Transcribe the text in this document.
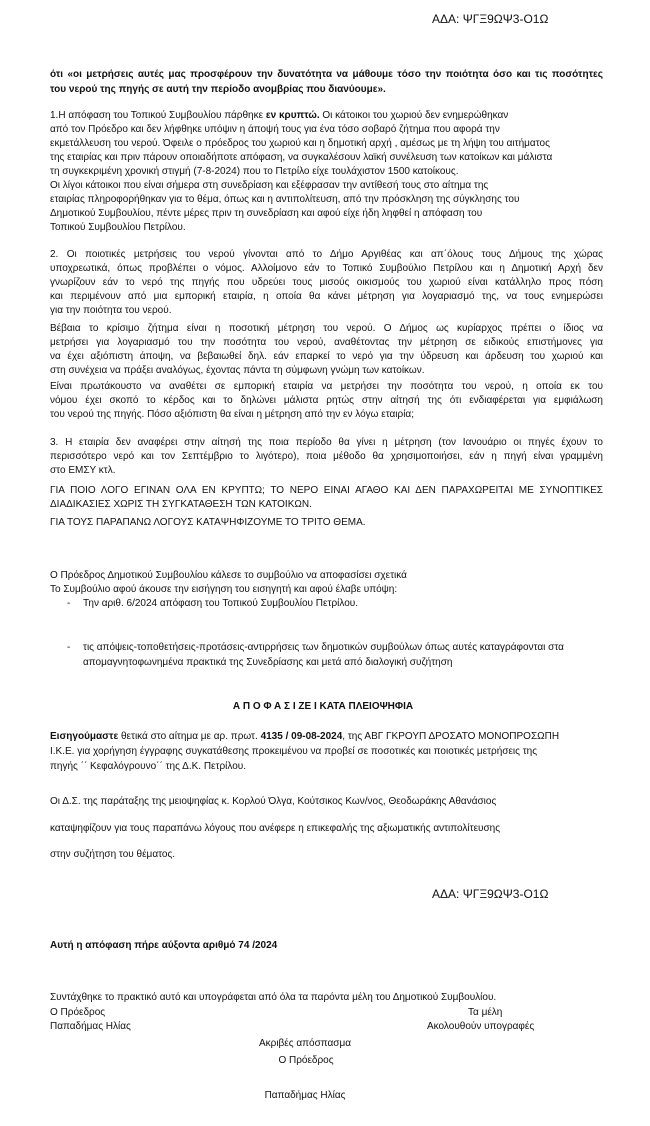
ΑΔΑ: ΨΓΞ9ΩΨ3-Ο1Ω
ότι «οι μετρήσεις αυτές μας προσφέρουν την δυνατότητα να μάθουμε τόσο την ποιότητα όσο και τις ποσότητες
του νερού της πηγής σε αυτή την περίοδο ανομβρίας που διανύουμε».
1.Η απόφαση του Τοπικού Συμβουλίου πάρθηκε εν κρυπτώ. Οι κάτοικοι του χωριού δεν ενημερώθηκαν
από τον Πρόεδρο και δεν λήφθηκε υπόψιν η άποψή τους για ένα τόσο σοβαρό ζήτημα που αφορά την
εκμετάλλευση του νερού. Όφειλε ο πρόεδρος του χωριού και η δημοτική αρχή , αμέσως με τη λήψη του αιτήματος
της εταιρίας και πριν πάρουν οποιαδήποτε απόφαση, να συγκαλέσουν λαϊκή συνέλευση των κατοίκων και μάλιστα
τη συγκεκριμένη χρονική στιγμή (7-8-2024) που το Πετρίλο είχε τουλάχιστον 1500 κατοίκους.
Οι λίγοι κάτοικοι που είναι σήμερα στη συνεδρίαση και εξέφρασαν την αντίθεσή τους στο αίτημα της
εταιρίας πληροφορήθηκαν για το θέμα, όπως και η αντιπολίτευση, από την πρόσκληση της σύγκλησης του
Δημοτικού Συμβουλίου, πέντε μέρες πριν τη συνεδρίαση και αφού είχε ήδη ληφθεί η απόφαση του
Τοπικού Συμβουλίου Πετρίλου.
2. Οι ποιοτικές μετρήσεις του νερού γίνονται από το Δήμο Αργιθέας και απ΄όλους τους Δήμους της χώρας
υποχρεωτικά, όπως προβλέπει ο νόμος. Αλλοίμονο εάν το Τοπικό Συμβούλιο Πετρίλου και η Δημοτική Αρχή δεν
γνωρίζουν εάν το νερό της πηγής που υδρεύει τους μισούς οικισμούς του χωριού είναι κατάλληλο προς πόση
και περιμένουν από μια εμπορική εταιρία, η οποία θα κάνει μέτρηση για λογαριασμό της, να τους ενημερώσει
για την ποιότητα του νερού.
Βέβαια το κρίσιμο ζήτημα είναι η ποσοτική μέτρηση του νερού. Ο Δήμος ως κυρίαρχος πρέπει ο ίδιος να
μετρήσει για λογαριασμό του την ποσότητα του νερού, αναθέτοντας την μέτρηση σε ειδικούς επιστήμονες για
να έχει αξιόπιστη άποψη, να βεβαιωθεί δηλ. εάν επαρκεί το νερό για την ύδρευση και άρδευση του χωριού και
στη συνέχεια να πράξει αναλόγως, έχοντας πάντα τη σύμφωνη γνώμη των κατοίκων.
Είναι πρωτάκουστο να αναθέτει σε εμπορική εταιρία να μετρήσει την ποσότητα του νερού, η οποία εκ του
νόμου έχει σκοπό το κέρδος και το δηλώνει μάλιστα ρητώς στην αίτησή της ότι ενδιαφέρεται για εμφιάλωση
του νερού της πηγής. Πόσο αξιόπιστη θα είναι η μέτρηση από την εν λόγω εταιρία;
3. Η εταιρία δεν αναφέρει στην αίτησή της ποια περίοδο θα γίνει η μέτρηση (τον Ιανουάριο οι πηγές έχουν το
περισσότερο νερό και τον Σεπτέμβριο το λιγότερο), ποια μέθοδο θα χρησιμοποιήσει, εάν η πηγή είναι γραμμένη
στο ΕΜΣΥ κτλ.
ΓΙΑ ΠΟΙΟ ΛΟΓΟ ΕΓΙΝΑΝ ΟΛΑ ΕΝ ΚΡΥΠΤΩ; ΤΟ ΝΕΡΟ ΕΙΝΑΙ ΑΓΑΘΟ ΚΑΙ ΔΕΝ ΠΑΡΑΧΩΡΕΙΤΑΙ ΜΕ ΣΥΝΟΠΤΙΚΕΣ
ΔΙΑΔΙΚΑΣΙΕΣ ΧΩΡΙΣ ΤΗ ΣΥΓΚΑΤΑΘΕΣΗ ΤΩΝ ΚΑΤΟΙΚΩΝ.
ΓΙΑ ΤΟΥΣ ΠΑΡΑΠΑΝΩ ΛΟΓΟΥΣ ΚΑΤΑΨΗΦΙΖΟΥΜΕ ΤΟ ΤΡΙΤΟ ΘΕΜΑ.
Ο Πρόεδρος Δημοτικού Συμβουλίου κάλεσε το συμβούλιο να αποφασίσει σχετικά
Το Συμβούλιο αφού άκουσε την εισήγηση του εισηγητή και αφού έλαβε υπόψη:
- Την αριθ. 6/2024 απόφαση του Τοπικού Συμβουλίου Πετρίλου.
- τις απόψεις-τοποθετήσεις-προτάσεις-αντιρρήσεις των δημοτικών συμβούλων όπως αυτές καταγράφονται στα
απομαγνητοφωνημένα πρακτικά της Συνεδρίασης και μετά από διαλογική συζήτηση
Α Π Ο Φ Α Σ Ι ΖΕ Ι ΚΑΤΑ ΠΛΕΙΟΨΗΦΙΑ
Εισηγούμαστε θετικά στο αίτημα με αρ. πρωτ. 4135 / 09-08-2024, της ΑΒΓ ΓΚΡΟΥΠ ΔΡΟΣΑΤΟ ΜΟΝΟΠΡΟΣΩΠΗ
Ι.Κ.Ε. για χορήγηση έγγραφης συγκατάθεσης προκειμένου να προβεί σε ποσοτικές και ποιοτικές μετρήσεις της
πηγής ΄΄ Κεφαλόγρουνο΄΄ της Δ.Κ. Πετρίλου.
Οι Δ.Σ. της παράταξης της μειοψηφίας κ. Κορλού Όλγα, Κούτσικος Κων/νος, Θεοδωράκης Αθανάσιος
καταψηφίζουν για τους παραπάνω λόγους που ανέφερε η επικεφαλής της αξιωματικής αντιπολίτευσης
στην συζήτηση του θέματος.
ΑΔΑ: ΨΓΞ9ΩΨ3-Ο1Ω
Αυτή η απόφαση πήρε αύξοντα αριθμό 74 /2024
Συντάχθηκε το πρακτικό αυτό και υπογράφεται από όλα τα παρόντα μέλη του Δημοτικού Συμβουλίου.
Ο Πρόεδρος	Τα μέλη
Παπαδήμας Ηλίας	Ακολουθούν υπογραφές
Ακριβές απόσπασμα
Ο Πρόεδρος
Παπαδήμας Ηλίας
